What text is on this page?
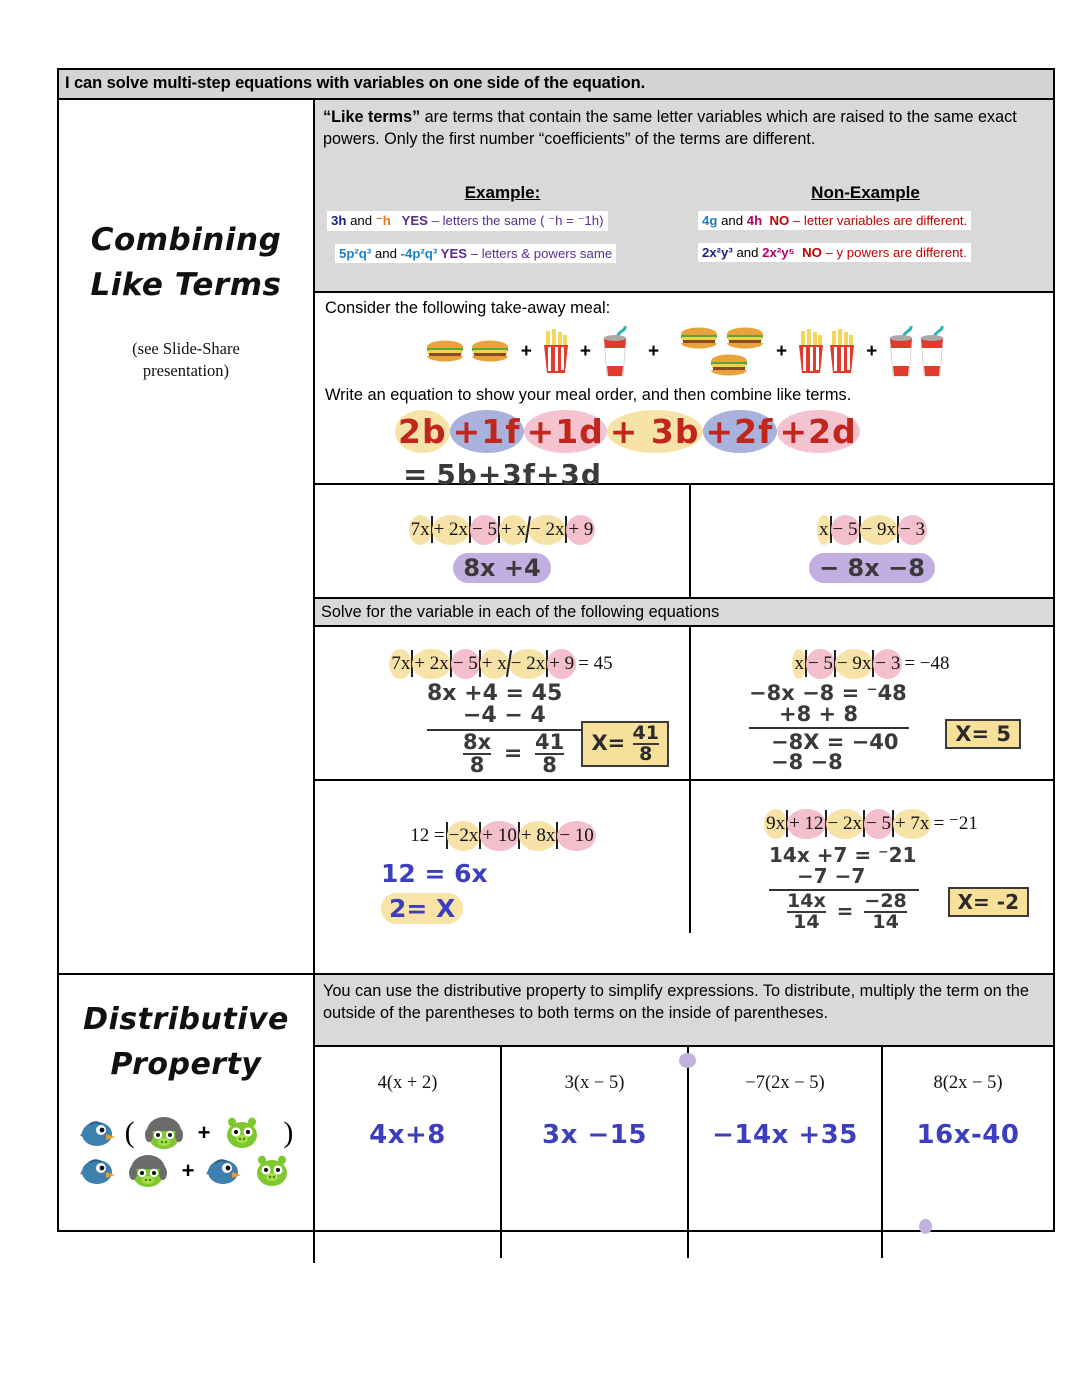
I can solve multi-step equations with variables on one side of the equation.
Combining
Like Terms
(see Slide-Share
presentation)
“Like terms” are terms that contain the same letter variables which are raised to the same exact powers. Only the first number “coefficients” of the terms are different.
Example:
3h and ⁻h YES – letters the same ( ⁻h = ⁻1h)
5p²q³ and -4p²q³ YES – letters & powers same
Non-Example
4g and 4h NO – letter variables are different.
2x²y³ and 2x²y⁵ NO – y powers are different.
Consider the following take-away meal:
+	+	+	+	+
Write an equation to show your meal order, and then combine like terms.
2b +1f +1d + 3b +2f +2d = 5b+3f+3d
7x + 2x − 5 + x − 2x + 9
8x +4
x − 5 − 9x − 3
− 8x −8
Solve for the variable in each of the following equations
7x + 2x − 5 + x − 2x + 9 = 45
8x +4 = 45
−4 − 4
$\frac{8x}{8} = \frac{41}{8}$	$X= \frac{41}{8}$
x − 5 − 9x − 3 = −48
−8x −8 = ⁻48
+8 + 8
−8X = −40
−8 −8
X= 5
12 = −2x + 10 + 8x − 10
12 = 6x
2= X
9x + 12 − 2x − 5 + 7x = ⁻21
14x +7 = ⁻21
−7 −7
$\frac{14x}{14} = \frac{-28}{14}$	X= -2
Distributive
Property
(	+ )
+
You can use the distributive property to simplify expressions. To distribute, multiply the term on the outside of the parentheses to both terms on the inside of parentheses.
4(x + 2)
4x+8
3(x − 5)
3x −15
−7(2x − 5)
−14x +35
8(2x − 5)
16x-40
